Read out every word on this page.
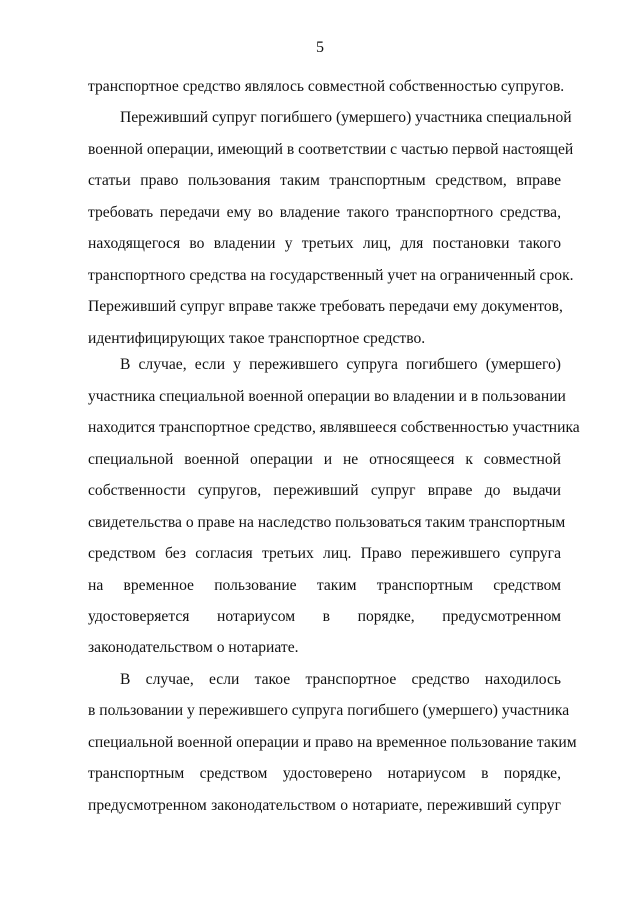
5
транспортное средство являлось совместной собственностью супругов.
Переживший супруг погибшего (умершего) участника специальной
военной операции, имеющий в соответствии с частью первой настоящей
статьи право пользования таким транспортным средством, вправе
требовать передачи ему во владение такого транспортного средства,
находящегося во владении у третьих лиц, для постановки такого
транспортного средства на государственный учет на ограниченный срок.
Переживший супруг вправе также требовать передачи ему документов,
идентифицирующих такое транспортное средство.
В случае, если у пережившего супруга погибшего (умершего)
участника специальной военной операции во владении и в пользовании
находится транспортное средство, являвшееся собственностью участника
специальной военной операции и не относящееся к совместной
собственности супругов, переживший супруг вправе до выдачи
свидетельства о праве на наследство пользоваться таким транспортным
средством без согласия третьих лиц. Право пережившего супруга
на временное пользование таким транспортным средством
удостоверяется нотариусом в порядке, предусмотренном
законодательством о нотариате.
В случае, если такое транспортное средство находилось
в пользовании у пережившего супруга погибшего (умершего) участника
специальной военной операции и право на временное пользование таким
транспортным средством удостоверено нотариусом в порядке,
предусмотренном законодательством о нотариате, переживший супруг
